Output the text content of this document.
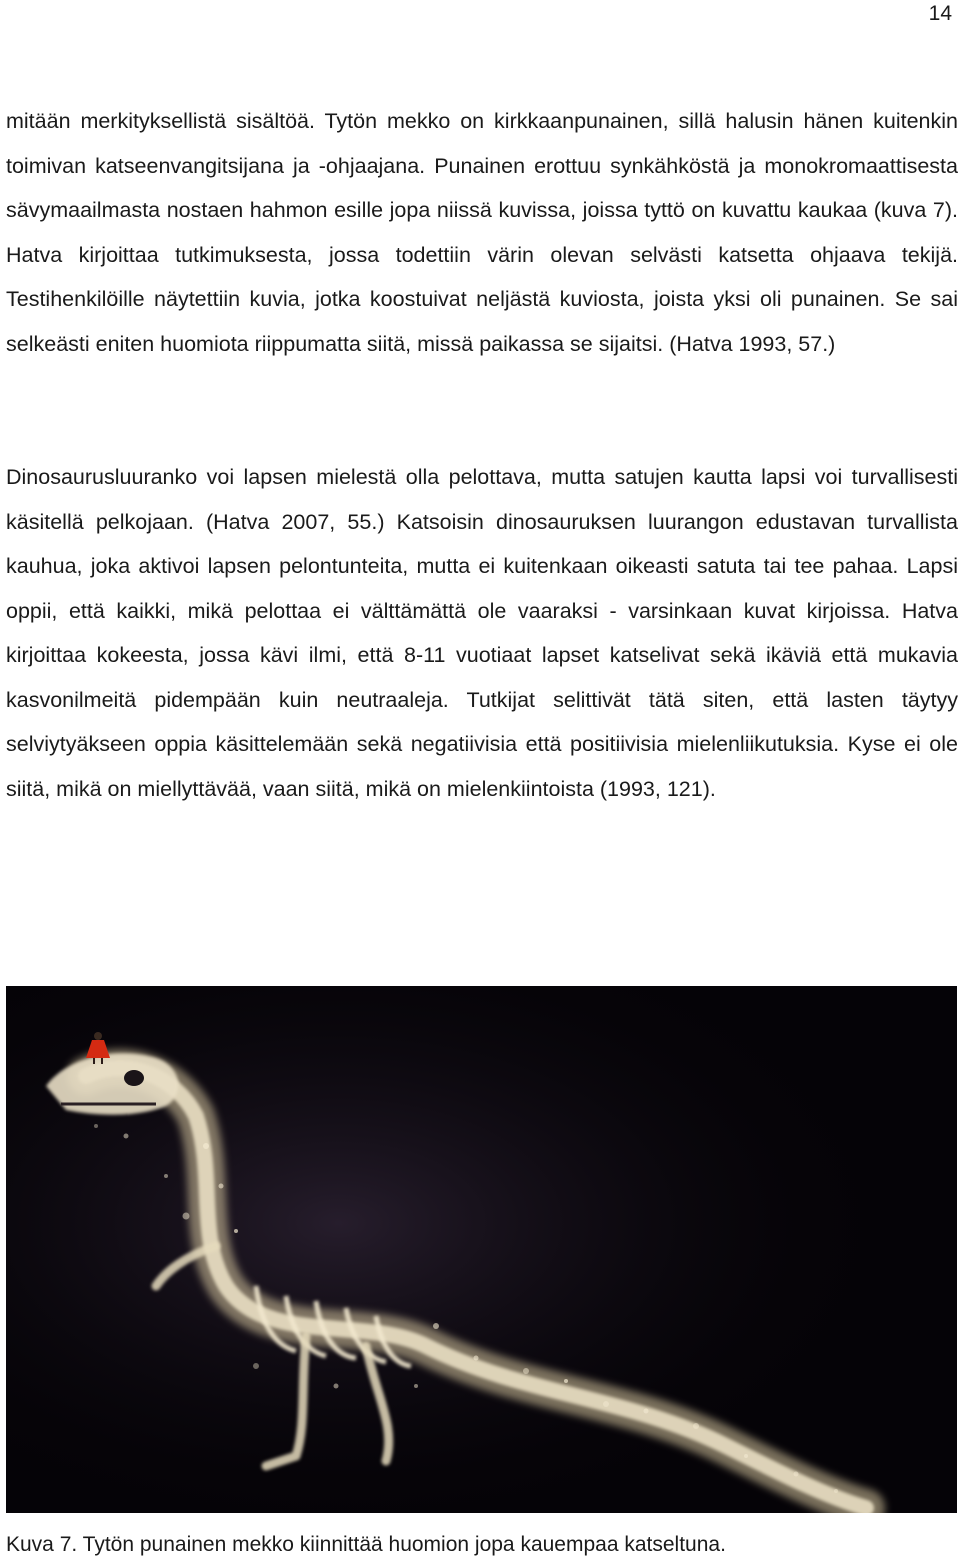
14

mitään merkityksellistä sisältöä. Tytön mekko on kirkkaanpunainen, sillä halusin hänen kuitenkin toimivan katseenvangitsijana ja -ohjaajana. Punainen erottuu synkähköstä ja monokromaattisesta sävymaailmasta nostaen hahmon esille jopa niissä kuvissa, joissa tyttö on kuvattu kaukaa (kuva 7). Hatva kirjoittaa tutkimuksesta, jossa todettiin värin olevan selvästi katsetta ohjaava tekijä. Testihenkilöille näytettiin kuvia, jotka koostuivat neljästä kuviosta, joista yksi oli punainen. Se sai selkeästi eniten huomiota riippumatta siitä, missä paikassa se sijaitsi. (Hatva 1993, 57.)

Dinosaurusluuranko voi lapsen mielestä olla pelottava, mutta satujen kautta lapsi voi turvallisesti käsitellä pelkojaan. (Hatva 2007, 55.) Katsoisin dinosauruksen luurangon edustavan turvallista kauhua, joka aktivoi lapsen pelontunteita, mutta ei kuitenkaan oikeasti satuta tai tee pahaa. Lapsi oppii, että kaikki, mikä pelottaa ei välttämättä ole vaaraksi - varsinkaan kuvat kirjoissa. Hatva kirjoittaa kokeesta, jossa kävi ilmi, että 8-11 vuotiaat lapset katselivat sekä ikäviä että mukavia kasvonilmeitä pidempään kuin neutraaleja. Tutkijat selittivät tätä siten, että lasten täytyy selviytyäkseen oppia käsittelemään sekä negatiivisia että positiivisia mielenliikutuksia. Kyse ei ole siitä, mikä on miellyttävää, vaan siitä, mikä on mielenkiintoista (1993, 121).

Kuva 7. Tytön punainen mekko kiinnittää huomion jopa kauempaa katseltuna.
